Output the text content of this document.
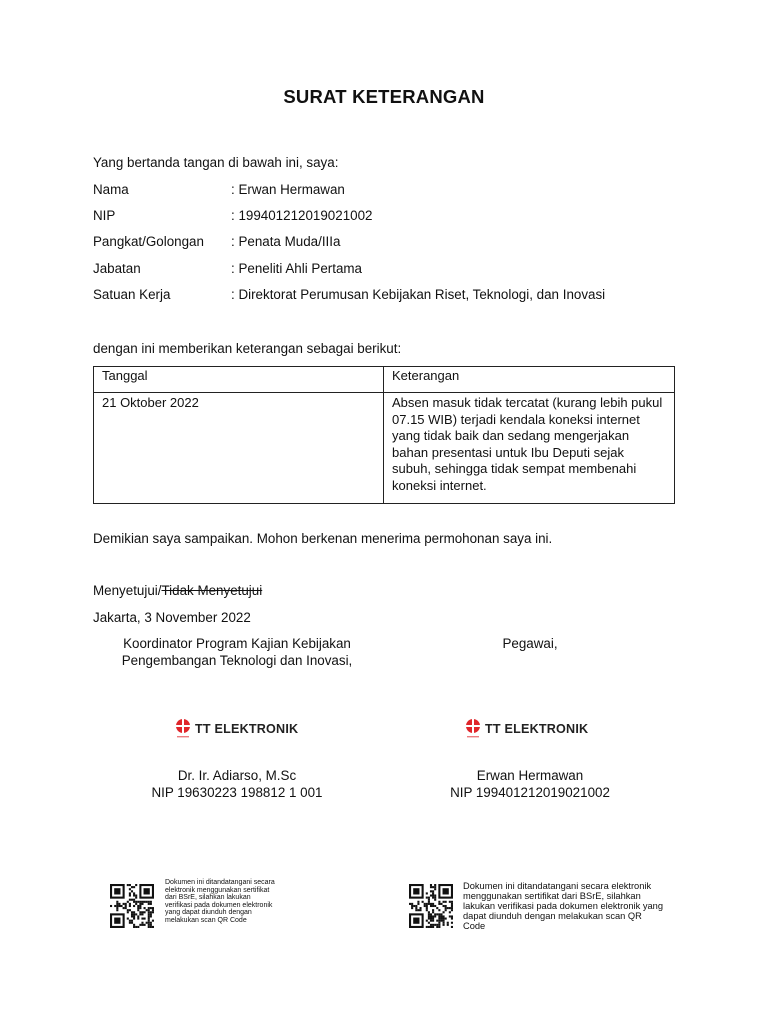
SURAT KETERANGAN
Yang bertanda tangan di bawah ini, saya:
Nama	: Erwan Hermawan
NIP	: 199401212019021002
Pangkat/Golongan : Penata Muda/IIIa
Jabatan	: Peneliti Ahli Pertama
Satuan Kerja	: Direktorat Perumusan Kebijakan Riset, Teknologi, dan Inovasi
dengan ini memberikan keterangan sebagai berikut:
Tanggal	Keterangan
21 Oktober 2022	Absen masuk tidak tercatat (kurang lebih pukul 07.15 WIB) terjadi kendala koneksi internet yang tidak baik dan sedang mengerjakan bahan presentasi untuk Ibu Deputi sejak subuh, sehingga tidak sempat membenahi koneksi internet.
Demikian saya sampaikan. Mohon berkenan menerima permohonan saya ini.
Menyetujui/Tidak Menyetujui
Jakarta, 3 November 2022
Koordinator Program Kajian Kebijakan
Pengembangan Teknologi dan Inovasi,
TT ELEKTRONIK
Dr. Ir. Adiarso, M.Sc
NIP 19630223 198812 1 001
Pegawai,
TT ELEKTRONIK
Erwan Hermawan
NIP 199401212019021002
Dokumen ini ditandatangani secara elektronik menggunakan sertifikat dari BSrE, silahkan lakukan verifikasi pada dokumen elektronik yang dapat diunduh dengan melakukan scan QR Code
Dokumen ini ditandatangani secara elektronik menggunakan sertifikat dari BSrE, silahkan lakukan verifikasi pada dokumen elektronik yang dapat diunduh dengan melakukan scan QR Code
